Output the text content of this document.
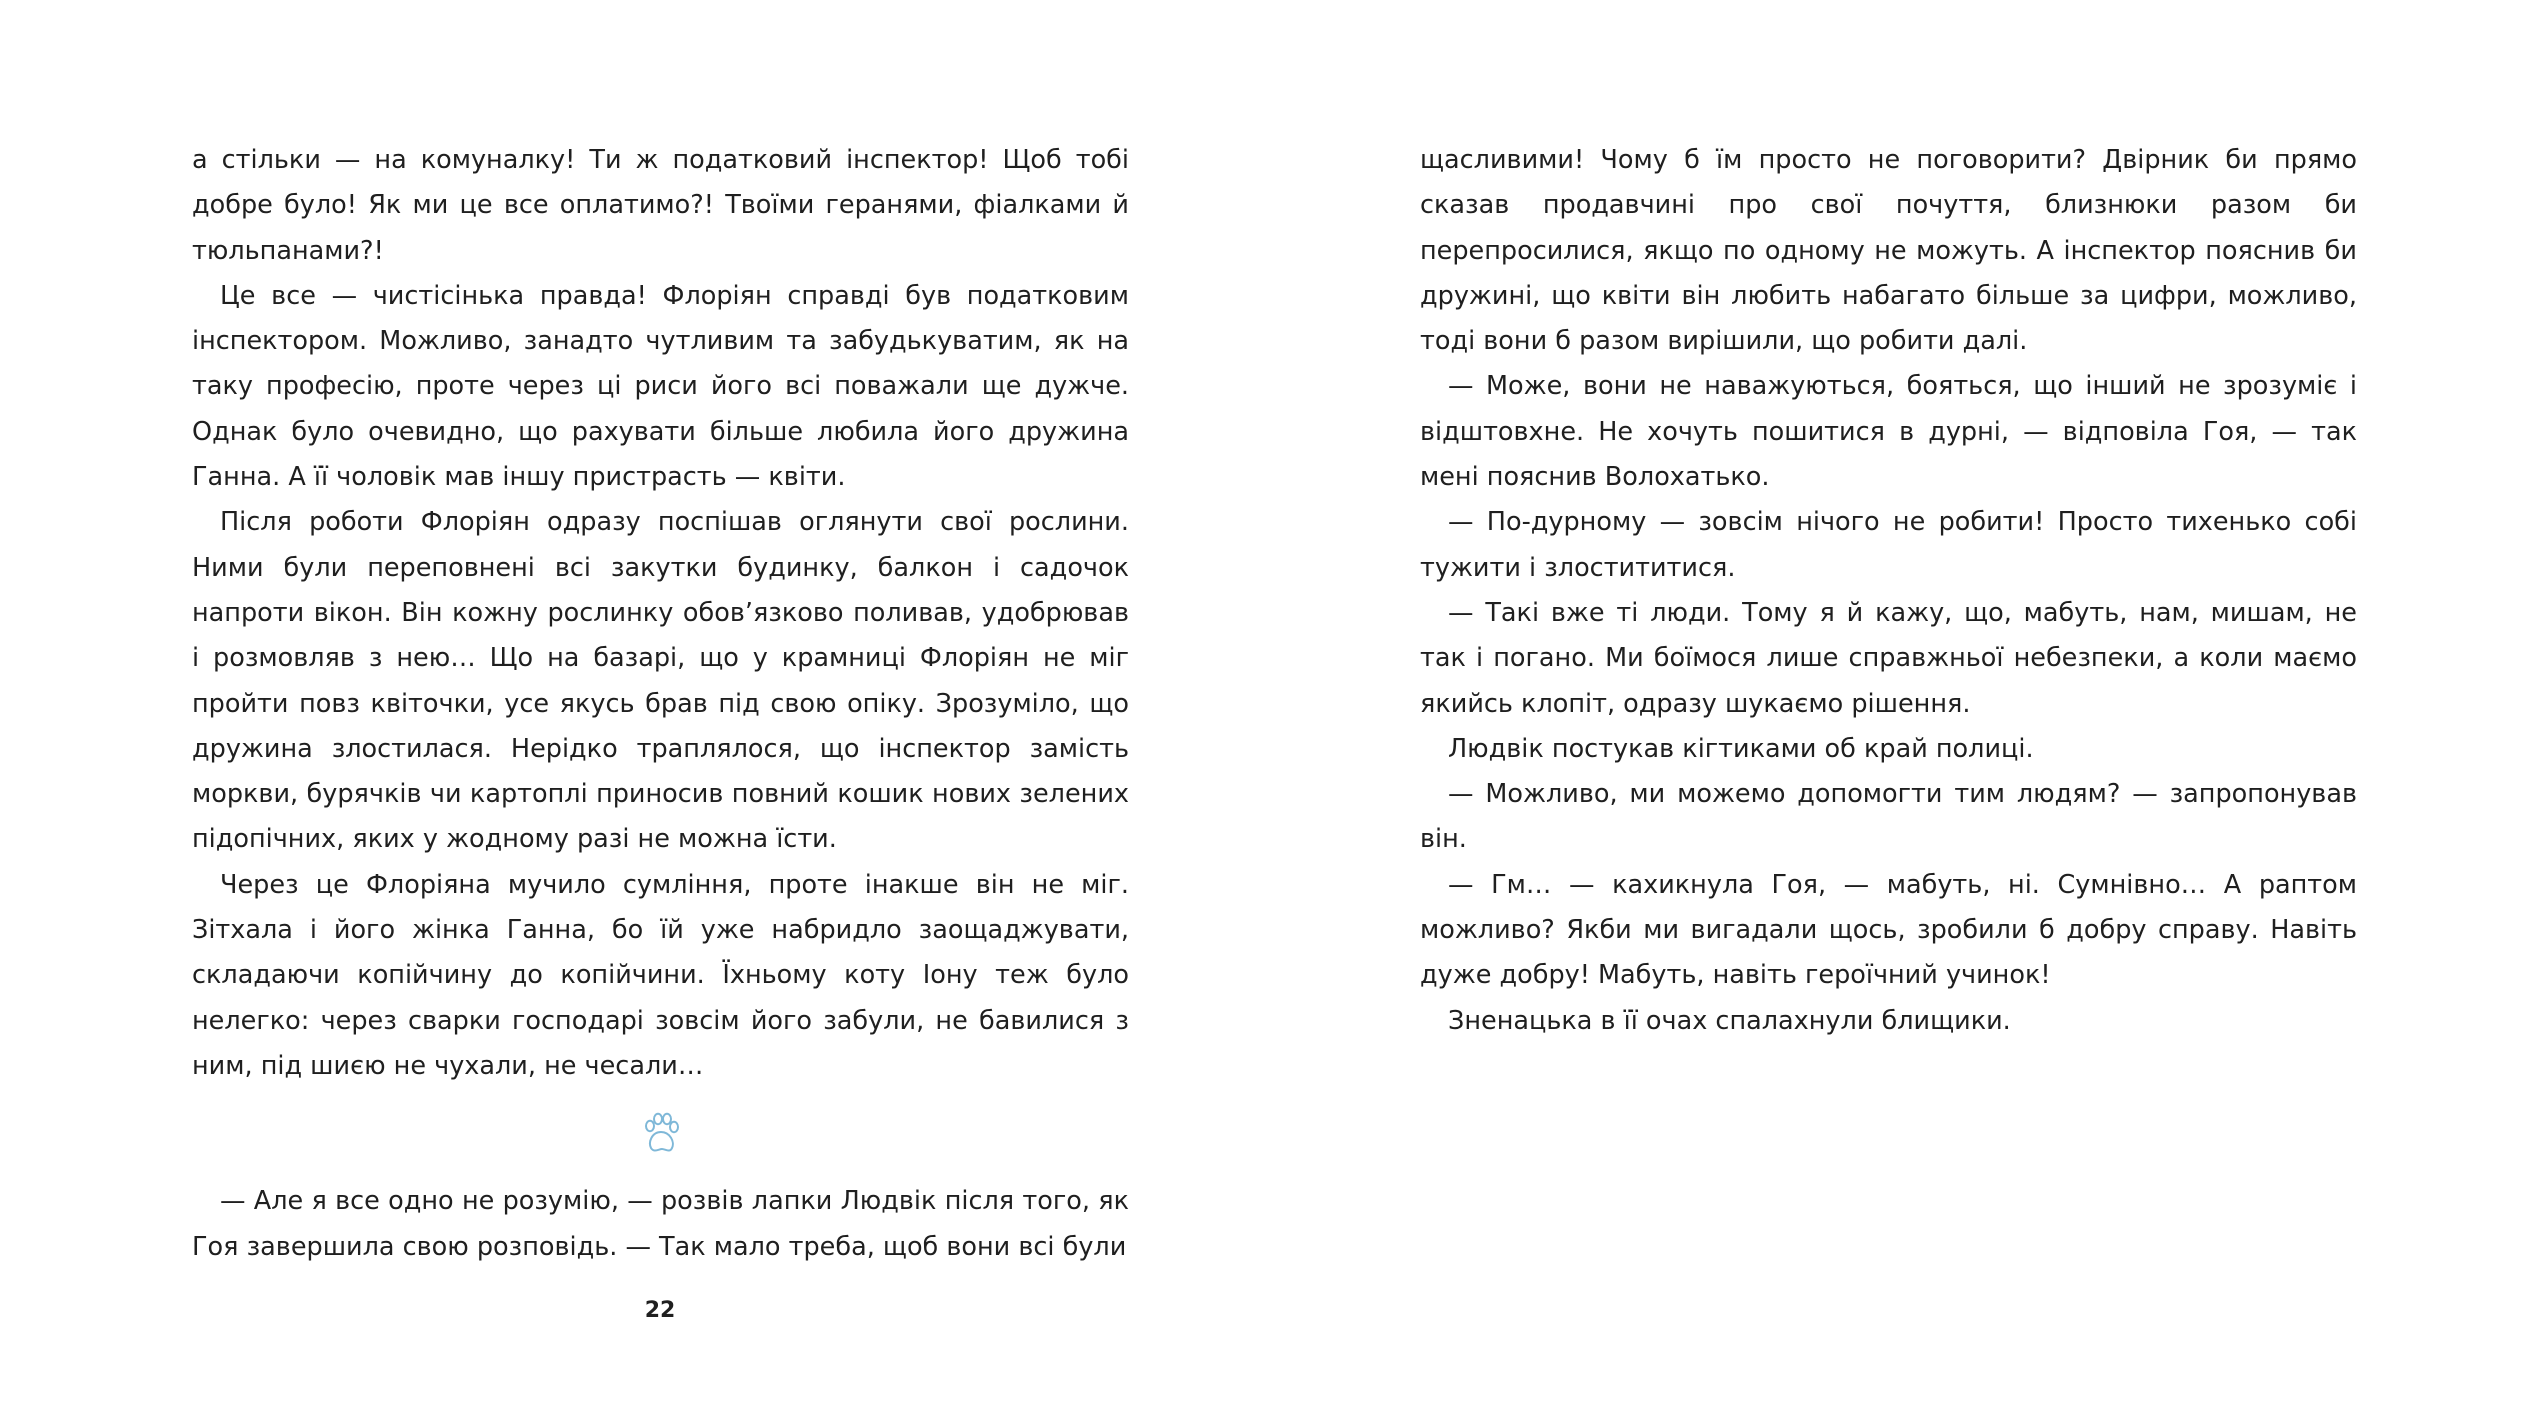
а стільки — на комуналку! Ти ж податковий інспектор! Щоб тобі добре було! Як ми це все оплатимо?! Твоїми геранями, фіалками й тюльпанами?!

Це все — чистісінька правда! Флоріян справді був податковим інспектором. Можливо, занадто чутливим та забудькуватим, як на таку професію, проте через ці риси його всі поважали ще дужче. Однак було очевидно, що рахувати більше любила його дружина Ганна. А її чоловік мав іншу пристрасть — квіти.

Після роботи Флоріян одразу поспішав оглянути свої рослини. Ними були переповнені всі закутки будинку, балкон і садочок напроти вікон. Він кожну рослинку обов’язково поливав, удобрював і розмовляв з нею… Що на базарі, що у крамниці Флоріян не міг пройти повз квіточки, усе якусь брав під свою опіку. Зрозуміло, що дружина злостилася. Нерідко траплялося, що інспектор замість моркви, бурячків чи картоплі приносив повний кошик нових зелених підопічних, яких у жодному разі не можна їсти.

Через це Флоріяна мучило сумління, проте інакше він не міг. Зітхала і його жінка Ганна, бо їй уже набридло заощаджувати, складаючи копійчину до копійчини. Їхньому коту Іону теж було нелегко: через сварки господарі зовсім його забули, не бавилися з ним, під шиєю не чухали, не чесали…

— Але я все одно не розумію, — розвів лапки Людвік після того, як Гоя завершила свою розповідь. — Так мало треба, щоб вони всі були

22

щасливими! Чому б їм просто не поговорити? Двірник би прямо сказав продавчині про свої почуття, близнюки разом би перепросилися, якщо по одному не можуть. А інспектор пояснив би дружині, що квіти він любить набагато більше за цифри, можливо, тоді вони б разом вирішили, що робити далі.

— Може, вони не наважуються, бояться, що інший не зрозуміє і відштовхне. Не хочуть пошитися в дурні, — відповіла Гоя, — так мені пояснив Волохатько.

— По-дурному — зовсім нічого не робити! Просто тихенько собі тужити і злостититися.

— Такі вже ті люди. Тому я й кажу, що, мабуть, нам, мишам, не так і погано. Ми боїмося лише справжньої небезпеки, а коли маємо якийсь клопіт, одразу шукаємо рішення.

Людвік постукав кігтиками об край полиці.

— Можливо, ми можемо допомогти тим людям? — запропонував він.

— Гм… — кахикнула Гоя, — мабуть, ні. Сумнівно… А раптом можливо? Якби ми вигадали щось, зробили б добру справу. Навіть дуже добру! Мабуть, навіть героїчний учинок!

Зненацька в її очах спалахнули блищики.
